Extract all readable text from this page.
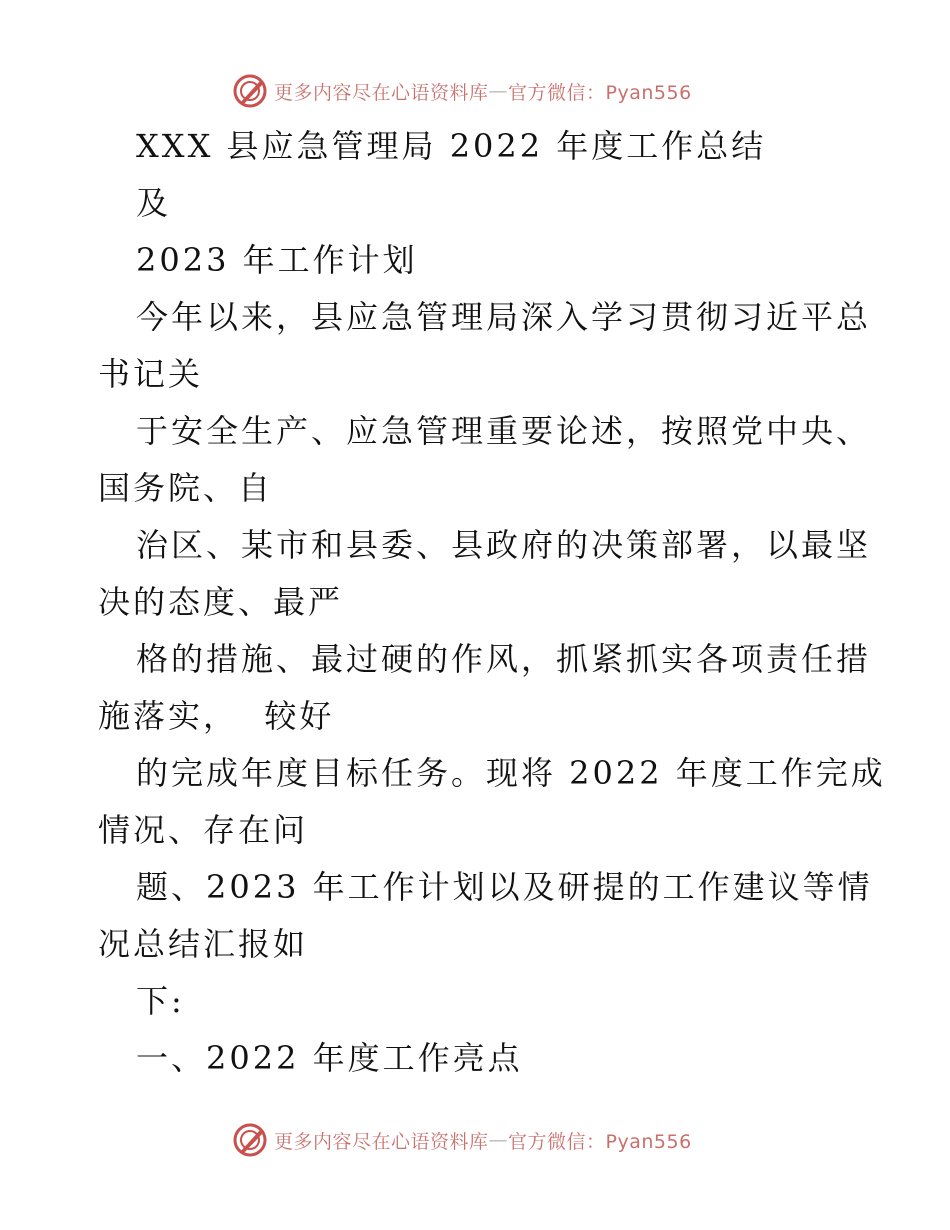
更多内容尽在心语资料库 — 官方微信：Pyan556
XXX 县应急管理局 2022 年度工作总结
及
2023 年工作计划
今年以来，县应急管理局深入学习贯彻习近平总
书记关
于安全生产、应急管理重要论述，按照党中央、
国务院、自
治区、某市和县委、县政府的决策部署，以最坚
决的态度、最严
格的措施、最过硬的作风，抓紧抓实各项责任措
施落实，  较好
的完成年度目标任务。现将 2022 年度工作完成
情况、存在问
题、2023 年工作计划以及研提的工作建议等情
况总结汇报如
下:
一、2022 年度工作亮点
更多内容尽在心语资料库 — 官方微信：Pyan556
